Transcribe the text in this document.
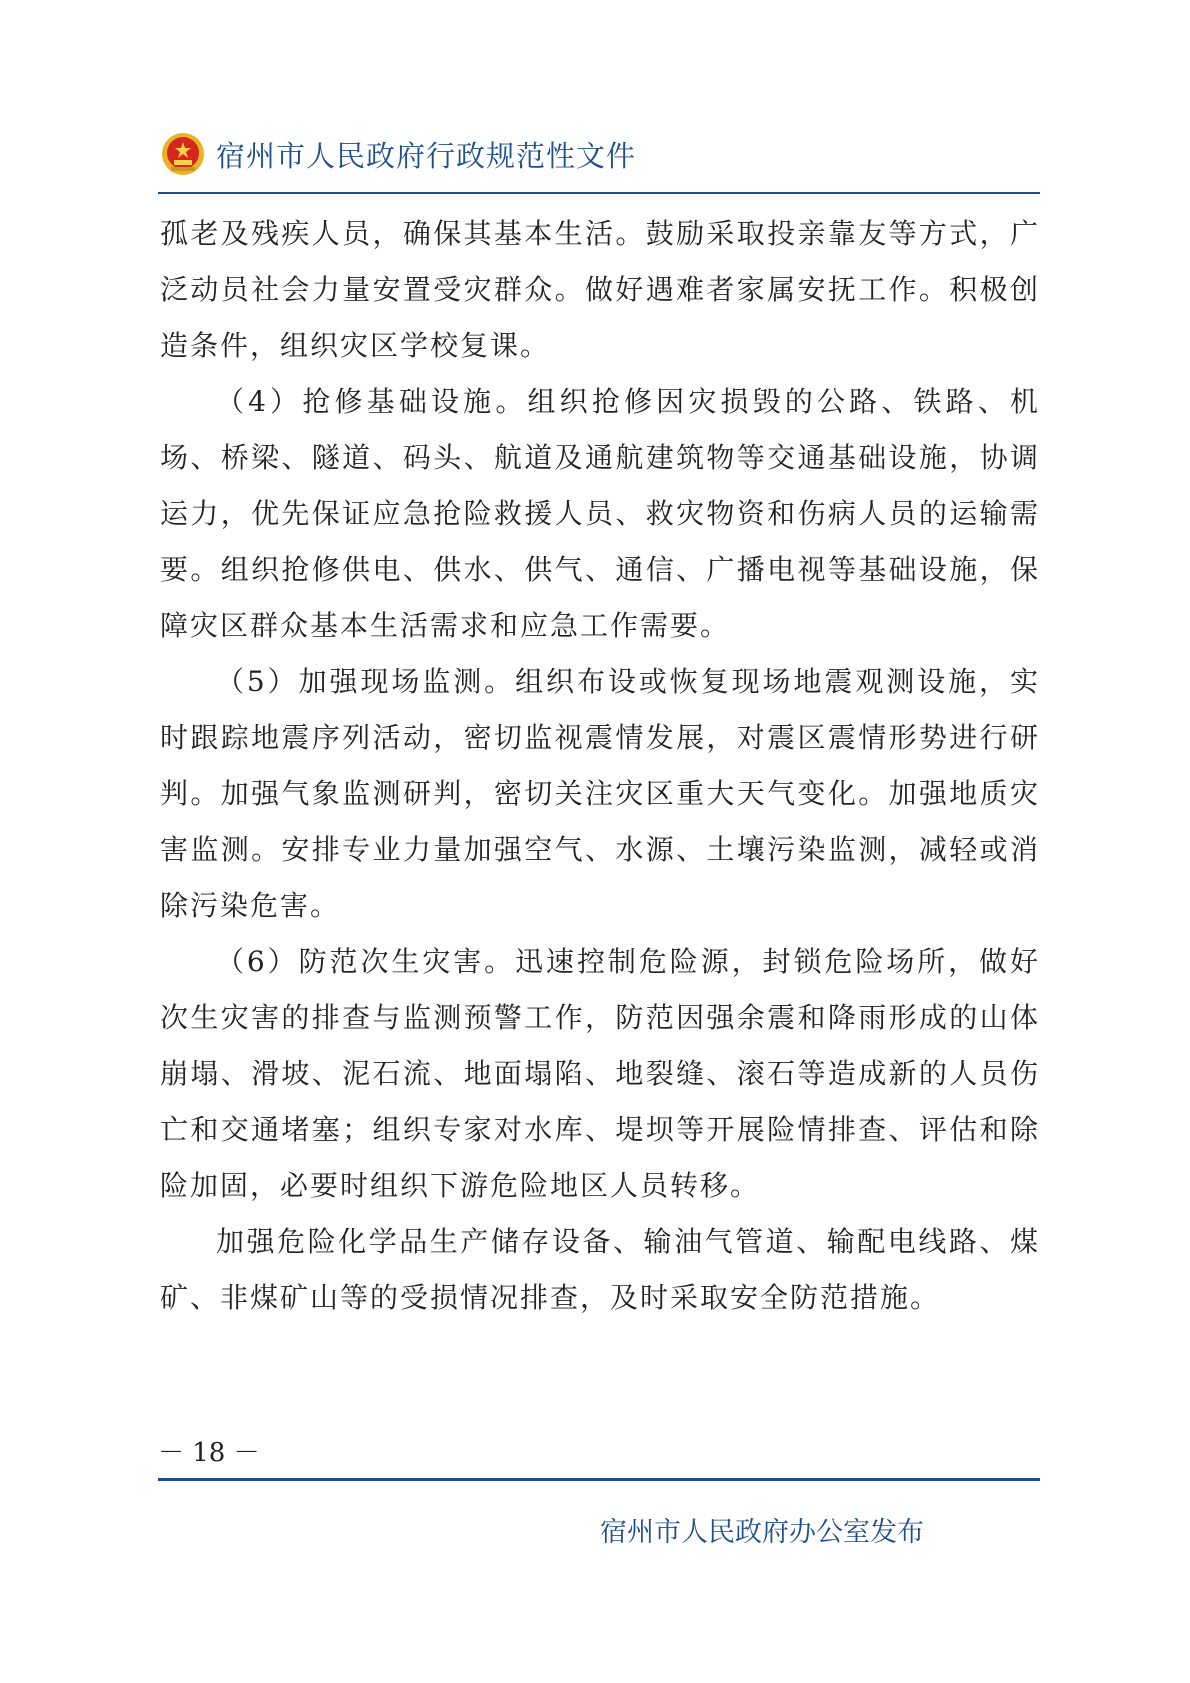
宿州市人民政府行政规范性文件

孤老及残疾人员，确保其基本生活。鼓励采取投亲靠友等方式，广泛动员社会力量安置受灾群众。做好遇难者家属安抚工作。积极创造条件，组织灾区学校复课。

（4）抢修基础设施。组织抢修因灾损毁的公路、铁路、机场、桥梁、隧道、码头、航道及通航建筑物等交通基础设施，协调运力，优先保证应急抢险救援人员、救灾物资和伤病人员的运输需要。组织抢修供电、供水、供气、通信、广播电视等基础设施，保障灾区群众基本生活需求和应急工作需要。

（5）加强现场监测。组织布设或恢复现场地震观测设施，实时跟踪地震序列活动，密切监视震情发展，对震区震情形势进行研判。加强气象监测研判，密切关注灾区重大天气变化。加强地质灾害监测。安排专业力量加强空气、水源、土壤污染监测，减轻或消除污染危害。

（6）防范次生灾害。迅速控制危险源，封锁危险场所，做好次生灾害的排查与监测预警工作，防范因强余震和降雨形成的山体崩塌、滑坡、泥石流、地面塌陷、地裂缝、滚石等造成新的人员伤亡和交通堵塞；组织专家对水库、堤坝等开展险情排查、评估和除险加固，必要时组织下游危险地区人员转移。

加强危险化学品生产储存设备、输油气管道、输配电线路、煤矿、非煤矿山等的受损情况排查，及时采取安全防范措施。

－ 18 －
宿州市人民政府办公室发布
